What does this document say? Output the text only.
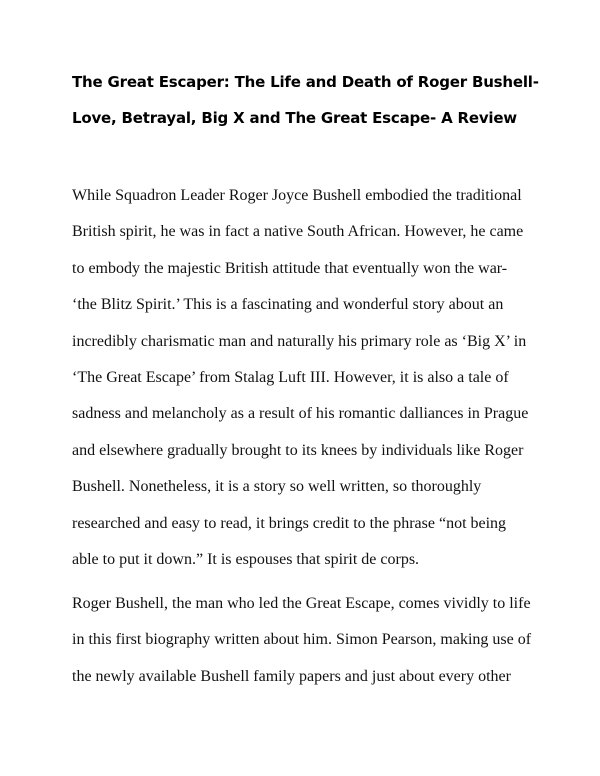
The Great Escaper: The Life and Death of Roger Bushell- Love, Betrayal, Big X and The Great Escape- A Review

While Squadron Leader Roger Joyce Bushell embodied the traditional British spirit, he was in fact a native South African. However, he came to embody the majestic British attitude that eventually won the war- ‘the Blitz Spirit.’ This is a fascinating and wonderful story about an incredibly charismatic man and naturally his primary role as ‘Big X’ in ‘The Great Escape’ from Stalag Luft III. However, it is also a tale of sadness and melancholy as a result of his romantic dalliances in Prague and elsewhere gradually brought to its knees by individuals like Roger Bushell. Nonetheless, it is a story so well written, so thoroughly researched and easy to read, it brings credit to the phrase “not being able to put it down.” It is espouses that spirit de corps.

Roger Bushell, the man who led the Great Escape, comes vividly to life in this first biography written about him. Simon Pearson, making use of the newly available Bushell family papers and just about every other
